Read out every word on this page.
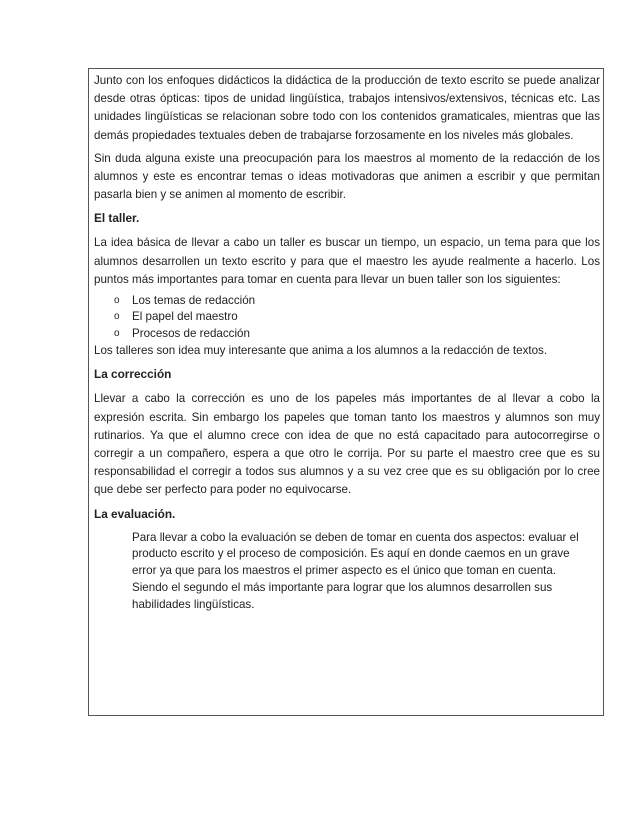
Junto con los enfoques didácticos la didáctica de la producción de texto escrito se puede analizar desde otras ópticas: tipos de unidad lingüística, trabajos intensivos/extensivos, técnicas etc. Las unidades lingüísticas se relacionan sobre todo con los contenidos gramaticales, mientras que las demás propiedades textuales deben de trabajarse forzosamente en los niveles más globales.

Sin duda alguna existe una preocupación para los maestros al momento de la redacción de los alumnos y este es encontrar temas o ideas motivadoras que animen a escribir y que permitan pasarla bien y se animen al momento de escribir.

El taller.

La idea básica de llevar a cabo un taller es buscar un tiempo, un espacio, un tema para que los alumnos desarrollen un texto escrito y para que el maestro les ayude realmente a hacerlo. Los puntos más importantes para tomar en cuenta para llevar un buen taller son los siguientes:

o Los temas de redacción
o El papel del maestro
o Procesos de redacción

Los talleres son idea muy interesante que anima a los alumnos a la redacción de textos.

La corrección

Llevar a cabo la corrección es uno de los papeles más importantes de al llevar a cobo la expresión escrita. Sin embargo los papeles que toman tanto los maestros y alumnos son muy rutinarios. Ya que el alumno crece con idea de que no está capacitado para autocorregirse o corregir a un compañero, espera a que otro le corrija. Por su parte el maestro cree que es su responsabilidad el corregir a todos sus alumnos y a su vez cree que es su obligación por lo cree que debe ser perfecto para poder no equivocarse.

La evaluación.

Para llevar a cobo la evaluación se deben de tomar en cuenta dos aspectos: evaluar el producto escrito y el proceso de composición. Es aquí en donde caemos en un grave error ya que para los maestros el primer aspecto es el único que toman en cuenta.

Siendo el segundo el más importante para lograr que los alumnos desarrollen sus habilidades lingüísticas.
